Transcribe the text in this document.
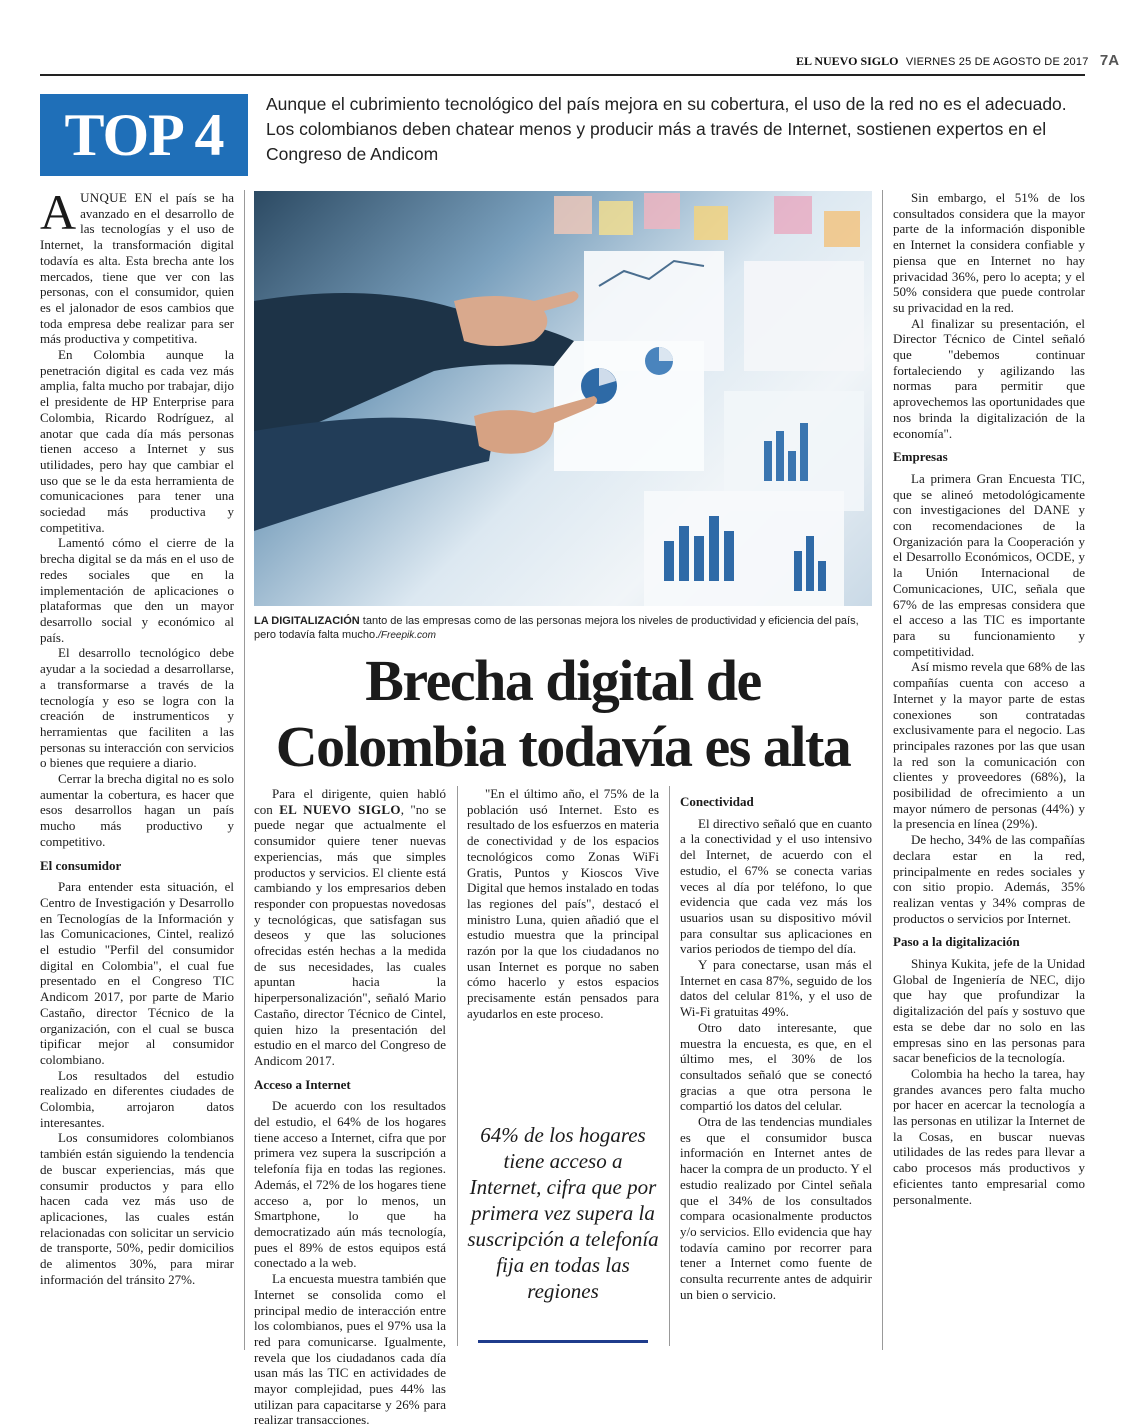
EL NUEVO SIGLO VIERNES 25 DE AGOSTO DE 2017 7A
TOP 4	Aunque el cubrimiento tecnológico del país mejora en su cobertura, el uso de la red no es el adecuado. Los colombianos deben chatear menos y producir más a través de Internet, sostienen expertos en el Congreso de Andicom

AUNQUE EN el país se ha avanzado en el desarrollo de las tecnologías y el uso de Internet, la transformación digital todavía es alta. Esta brecha ante los mercados, tiene que ver con las personas, con el consumidor, quien es el jalonador de esos cambios que toda empresa debe realizar para ser más productiva y competitiva.

En Colombia aunque la penetración digital es cada vez más amplia, falta mucho por trabajar, dijo el presidente de HP Enterprise para Colombia, Ricardo Rodríguez, al anotar que cada día más personas tienen acceso a Internet y sus utilidades, pero hay que cambiar el uso que se le da esta herramienta de comunicaciones para tener una sociedad más productiva y competitiva.

Lamentó cómo el cierre de la brecha digital se da más en el uso de redes sociales que en la implementación de aplicaciones o plataformas que den un mayor desarrollo social y económico al país.

El desarrollo tecnológico debe ayudar a la sociedad a desarrollarse, a transformarse a través de la tecnología y eso se logra con la creación de instrumenticos y herramientas que faciliten a las personas su interacción con servicios o bienes que requiere a diario.

Cerrar la brecha digital no es solo aumentar la cobertura, es hacer que esos desarrollos hagan un país mucho más productivo y competitivo.

El consumidor

Para entender esta situación, el Centro de Investigación y Desarrollo en Tecnologías de la Información y las Comunicaciones, Cintel, realizó el estudio "Perfil del consumidor digital en Colombia", el cual fue presentado en el Congreso TIC Andicom 2017, por parte de Mario Castaño, director Técnico de la organización, con el cual se busca tipificar mejor al consumidor colombiano.

Los resultados del estudio realizado en diferentes ciudades de Colombia, arrojaron datos interesantes.

Los consumidores colombianos también están siguiendo la tendencia de buscar experiencias, más que consumir productos y para ello hacen cada vez más uso de aplicaciones, las cuales están relacionadas con solicitar un servicio de transporte, 50%, pedir domicilios de alimentos 30%, para mirar información del tránsito 27%.

LA DIGITALIZACIÓN tanto de las empresas como de las personas mejora los niveles de productividad y eficiencia del país, pero todavía falta mucho./Freepik.com
Brecha digital de Colombia todavía es alta

Para el dirigente, quien habló con EL NUEVO SIGLO, "no se puede negar que actualmente el consumidor quiere tener nuevas experiencias, más que simples productos y servicios. El cliente está cambiando y los empresarios deben responder con propuestas novedosas y tecnológicas, que satisfagan sus deseos y que las soluciones ofrecidas estén hechas a la medida de sus necesidades, las cuales apuntan hacia la hiperpersonalización", señaló Mario Castaño, director Técnico de Cintel, quien hizo la presentación del estudio en el marco del Congreso de Andicom 2017.

Acceso a Internet

De acuerdo con los resultados del estudio, el 64% de los hogares tiene acceso a Internet, cifra que por primera vez supera la suscripción a telefonía fija en todas las regiones. Además, el 72% de los hogares tiene acceso a, por lo menos, un Smartphone, lo que ha democratizado aún más tecnología, pues el 89% de estos equipos está conectado a la web.

La encuesta muestra también que Internet se consolida como el principal medio de interacción entre los colombianos, pues el 97% usa la red para comunicarse. Igualmente, revela que los ciudadanos cada día usan más las TIC en actividades de mayor complejidad, pues 44% las utilizan para capacitarse y 26% para realizar transacciones.

"En el último año, el 75% de la población usó Internet. Esto es resultado de los esfuerzos en materia de conectividad y de los espacios tecnológicos como Zonas WiFi Gratis, Puntos y Kioscos Vive Digital que hemos instalado en todas las regiones del país", destacó el ministro Luna, quien añadió que el estudio muestra que la principal razón por la que los ciudadanos no usan Internet es porque no saben cómo hacerlo y estos espacios precisamente están pensados para ayudarlos en este proceso.

64% de los hogares tiene acceso a Internet, cifra que por primera vez supera la suscripción a telefonía fija en todas las regiones
Conectividad

El directivo señaló que en cuanto a la conectividad y el uso intensivo del Internet, de acuerdo con el estudio, el 67% se conecta varias veces al día por teléfono, lo que evidencia que cada vez más los usuarios usan su dispositivo móvil para consultar sus aplicaciones en varios periodos de tiempo del día.

Y para conectarse, usan más el Internet en casa 87%, seguido de los datos del celular 81%, y el uso de Wi-Fi gratuitas 49%.

Otro dato interesante, que muestra la encuesta, es que, en el último mes, el 30% de los consultados señaló que se conectó gracias a que otra persona le compartió los datos del celular.

Otra de las tendencias mundiales es que el consumidor busca información en Internet antes de hacer la compra de un producto. Y el estudio realizado por Cintel señala que el 34% de los consultados compara ocasionalmente productos y/o servicios. Ello evidencia que hay todavía camino por recorrer para tener a Internet como fuente de consulta recurrente antes de adquirir un bien o servicio.

Sin embargo, el 51% de los consultados considera que la mayor parte de la información disponible en Internet la considera confiable y piensa que en Internet no hay privacidad 36%, pero lo acepta; y el 50% considera que puede controlar su privacidad en la red.

Al finalizar su presentación, el Director Técnico de Cintel señaló que "debemos continuar fortaleciendo y agilizando las normas para permitir que aprovechemos las oportunidades que nos brinda la digitalización de la economía".

Empresas

La primera Gran Encuesta TIC, que se alineó metodológicamente con investigaciones del DANE y con recomendaciones de la Organización para la Cooperación y el Desarrollo Económicos, OCDE, y la Unión Internacional de Comunicaciones, UIC, señala que 67% de las empresas considera que el acceso a las TIC es importante para su funcionamiento y competitividad.

Así mismo revela que 68% de las compañías cuenta con acceso a Internet y la mayor parte de estas conexiones son contratadas exclusivamente para el negocio. Las principales razones por las que usan la red son la comunicación con clientes y proveedores (68%), la posibilidad de ofrecimiento a un mayor número de personas (44%) y la presencia en línea (29%).

De hecho, 34% de las compañías declara estar en la red, principalmente en redes sociales y con sitio propio. Además, 35% realizan ventas y 34% compras de productos o servicios por Internet.

Paso a la digitalización

Shinya Kukita, jefe de la Unidad Global de Ingeniería de NEC, dijo que hay que profundizar la digitalización del país y sostuvo que esta se debe dar no solo en las empresas sino en las personas para sacar beneficios de la tecnología.

Colombia ha hecho la tarea, hay grandes avances pero falta mucho por hacer en acercar la tecnología a las personas en utilizar la Internet de la Cosas, en buscar nuevas utilidades de las redes para llevar a cabo procesos más productivos y eficientes tanto empresarial como personalmente.
